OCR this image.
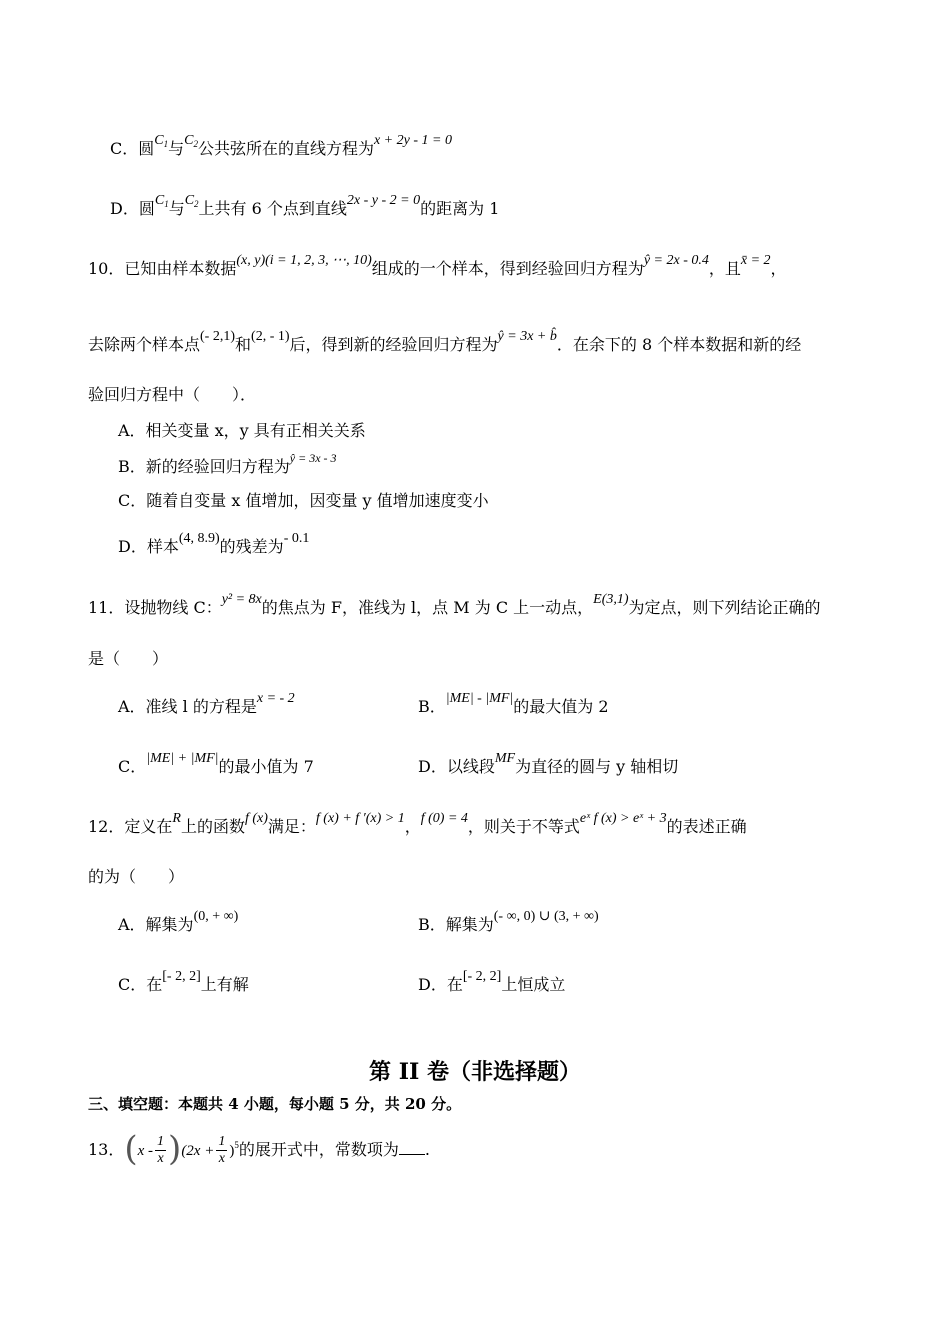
C．圆$C_1$与$C_2$公共弦所在的直线方程为x + 2y - 1 = 0
D．圆$C_1$与$C_2$上共有 6 个点到直线2x - y - 2 = 0的距离为 1
10．已知由样本数据(x, y)(i = 1, 2, 3, ⋯, 10)组成的一个样本，得到经验回归方程为ŷ = 2x - 0.4，且x̄ = 2，
去除两个样本点(- 2,1)和(2, - 1)后，得到新的经验回归方程为ŷ = 3x + b̂．在余下的 8 个样本数据和新的经
验回归方程中（　　）．
A．相关变量 x，y 具有正相关关系
B．新的经验回归方程为$^{ŷ = 3x - 3}$
C．随着自变量 x 值增加，因变量 y 值增加速度变小
D．样本(4, 8.9)的残差为- 0.1
11．设抛物线 C：y² = 8x的焦点为 F，准线为 l，点 M 为 C 上一动点，E(3,1)为定点，则下列结论正确的
是（　　）
A．准线 l 的方程是x = - 2	B．|ME| - |MF|的最大值为 2
C．|ME| + |MF|的最小值为 7	D．以线段MF为直径的圆与 y 轴相切
12．定义在R上的函数f (x)满足：f (x) + f ′(x) > 1，f (0) = 4，则关于不等式eˣ f (x) > eˣ + 3的表述正确
的为（　　）
A．解集为(0, + ∞)	B．解集为(- ∞, 0) ∪ (3, + ∞)
C．在[- 2, 2]上有解	D．在[- 2, 2]上恒成立
第 II 卷（非选择题）
三、填空题：本题共 4 小题，每小题 5 分，共 20 分。
13．$(x - \frac{1}{x} )(2x + \frac{1}{x} )^5$的展开式中，常数项为 .
